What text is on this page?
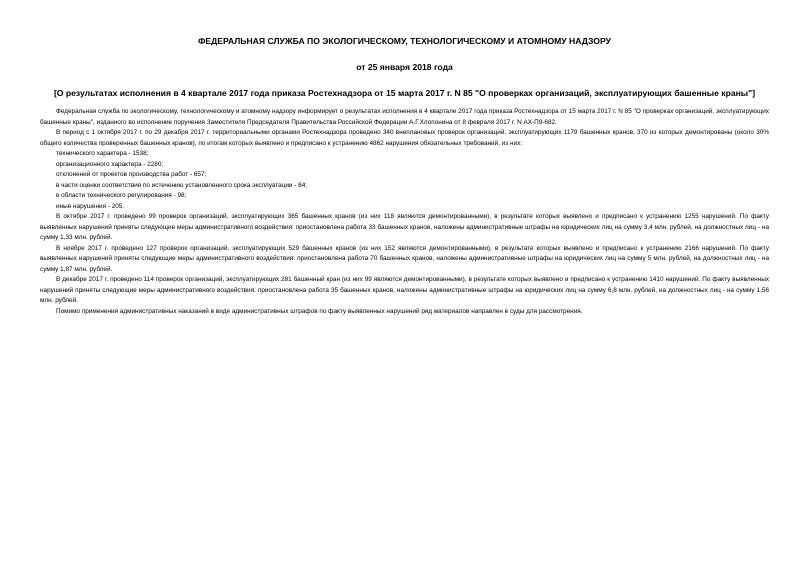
ФЕДЕРАЛЬНАЯ СЛУЖБА ПО ЭКОЛОГИЧЕСКОМУ, ТЕХНОЛОГИЧЕСКОМУ И АТОМНОМУ НАДЗОРУ

от 25 января 2018 года

[О результатах исполнения в 4 квартале 2017 года приказа Ростехнадзора от 15 марта 2017 г. N 85 "О проверках организаций, эксплуатирующих башенные краны"]

Федеральная служба по экологическому, технологическому и атомному надзору информирует о результатах исполнения в 4 квартале 2017 года приказа Ростехнадзора от 15 марта 2017 г. N 85 "О проверках организаций, эксплуатирующих башенные краны", изданного во исполнение поручения Заместителя Председателя Правительства Российской Федерации А.Г.Хлопонина от 8 февраля 2017 г. N АХ-П9-682.

В период с 1 октября 2017 г. по 29 декабря 2017 г. территориальными органами Ростехнадзора проведено 340 внеплановых проверок организаций, эксплуатирующих 1179 башенных кранов, 370 из которых демонтированы (около 30% общего количества проверенных башенных кранов), по итогам которых выявлено и предписано к устранению 4862 нарушения обязательных требований, из них:

технического характера - 1538;

организационного характера - 2280;

отклонений от проектов производства работ - 657;

в части оценки соответствия по истечению установленного срока эксплуатации - 84;

в области технического регулирования - 98;

иные нарушения - 205.

В октябре 2017 г. проведено 99 проверок организаций, эксплуатирующих 365 башенных кранов (из них 118 являются демонтированными), в результате которых выявлено и предписано к устранению 1255 нарушений. По факту выявленных нарушений приняты следующие меры административного воздействия: приостановлена работа 33 башенных кранов, наложены административные штрафы на юридических лиц на сумму 3,4 млн. рублей, на должностных лиц - на сумму 1,33 млн. рублей.

В ноябре 2017 г. проведено 127 проверок организаций, эксплуатирующих 529 башенных кранов (из них 152 являются демонтированными), в результате которых выявлено и предписано к устранению 2166 нарушений. По факту выявленных нарушений приняты следующие меры административного воздействия: приостановлена работа 70 башенных кранов, наложены административные штрафы на юридических лиц на сумму 5 млн. рублей, на должностных лиц - на сумму 1,87 млн. рублей.

В декабре 2017 г. проведено 114 проверок организаций, эксплуатирующих 281 башенный кран (из них 99 являются демонтированными), в результате которых выявлено и предписано к устранению 1410 нарушений. По факту выявленных нарушений приняты следующие меры административного воздействия: приостановлена работа 35 башенных кранов, наложены административные штрафы на юридических лиц на сумму 6,8 млн. рублей, на должностных лиц - на сумму 1,56 млн. рублей.

Помимо применения административных наказаний в виде административных штрафов по факту выявленных нарушений ряд материалов направлен в суды для рассмотрения.
